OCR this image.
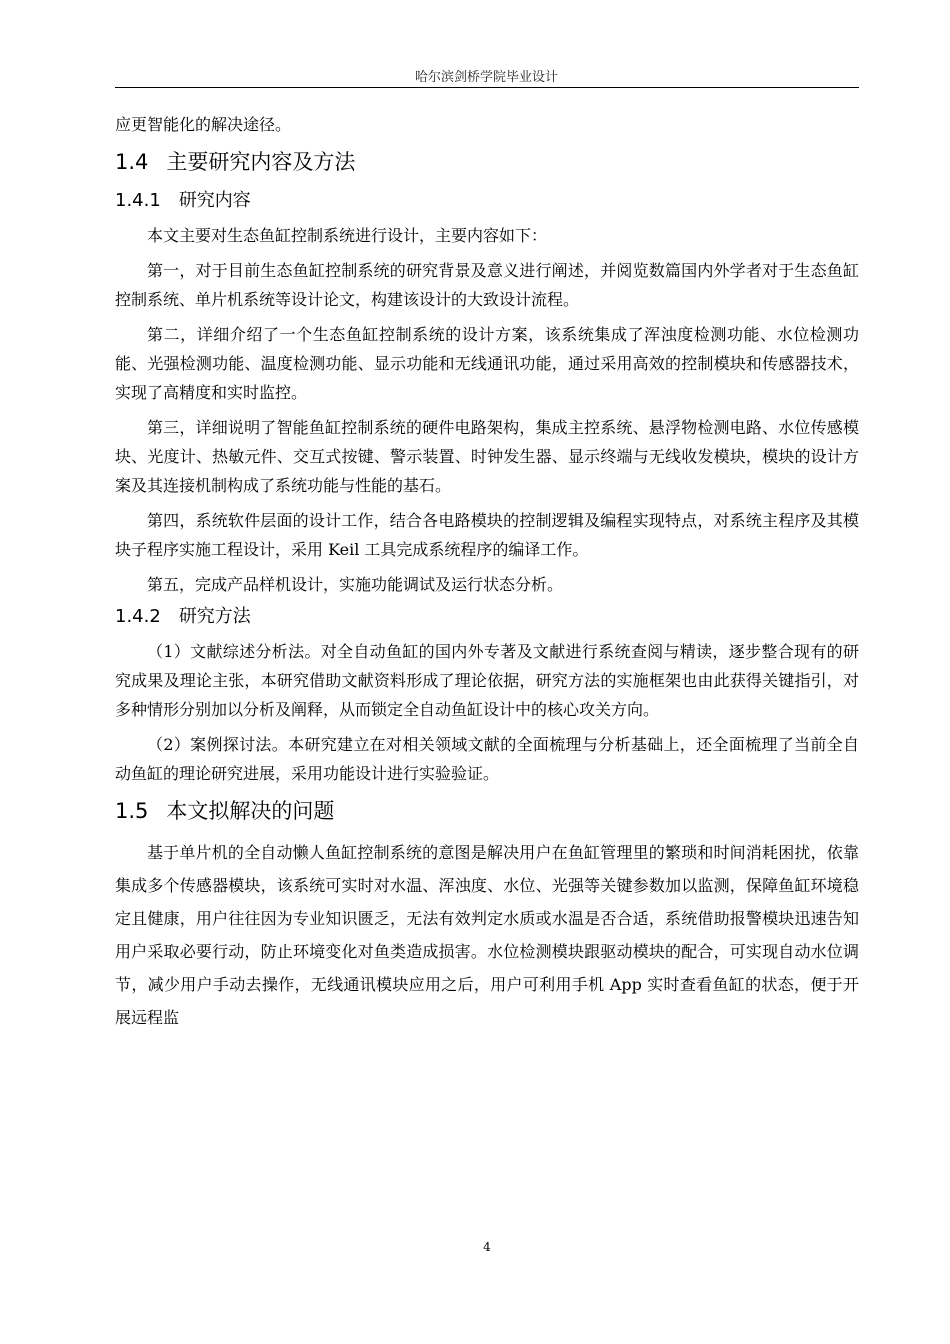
哈尔滨剑桥学院毕业设计

应更智能化的解决途径。

1.4 主要研究内容及方法
1.4.1 研究内容

本文主要对生态鱼缸控制系统进行设计，主要内容如下：

第一，对于目前生态鱼缸控制系统的研究背景及意义进行阐述，并阅览数篇国内外学者对于生态鱼缸控制系统、单片机系统等设计论文，构建该设计的大致设计流程。

第二，详细介绍了一个生态鱼缸控制系统的设计方案，该系统集成了浑浊度检测功能、水位检测功能、光强检测功能、温度检测功能、显示功能和无线通讯功能，通过采用高效的控制模块和传感器技术，实现了高精度和实时监控。

第三，详细说明了智能鱼缸控制系统的硬件电路架构，集成主控系统、悬浮物检测电路、水位传感模块、光度计、热敏元件、交互式按键、警示装置、时钟发生器、显示终端与无线收发模块，模块的设计方案及其连接机制构成了系统功能与性能的基石。

第四，系统软件层面的设计工作，结合各电路模块的控制逻辑及编程实现特点，对系统主程序及其模块子程序实施工程设计，采用 Keil 工具完成系统程序的编译工作。

第五，完成产品样机设计，实施功能调试及运行状态分析。

1.4.2 研究方法

（1）文献综述分析法。对全自动鱼缸的国内外专著及文献进行系统查阅与精读，逐步整合现有的研究成果及理论主张，本研究借助文献资料形成了理论依据，研究方法的实施框架也由此获得关键指引，对多种情形分别加以分析及阐释，从而锁定全自动鱼缸设计中的核心攻关方向。

（2）案例探讨法。本研究建立在对相关领域文献的全面梳理与分析基础上，还全面梳理了当前全自动鱼缸的理论研究进展，采用功能设计进行实验验证。

1.5 本文拟解决的问题

基于单片机的全自动懒人鱼缸控制系统的意图是解决用户在鱼缸管理里的繁琐和时间消耗困扰，依靠集成多个传感器模块，该系统可实时对水温、浑浊度、水位、光强等关键参数加以监测，保障鱼缸环境稳定且健康，用户往往因为专业知识匮乏，无法有效判定水质或水温是否合适，系统借助报警模块迅速告知用户采取必要行动，防止环境变化对鱼类造成损害。水位检测模块跟驱动模块的配合，可实现自动水位调节，减少用户手动去操作，无线通讯模块应用之后，用户可利用手机 App 实时查看鱼缸的状态，便于开展远程监

4
